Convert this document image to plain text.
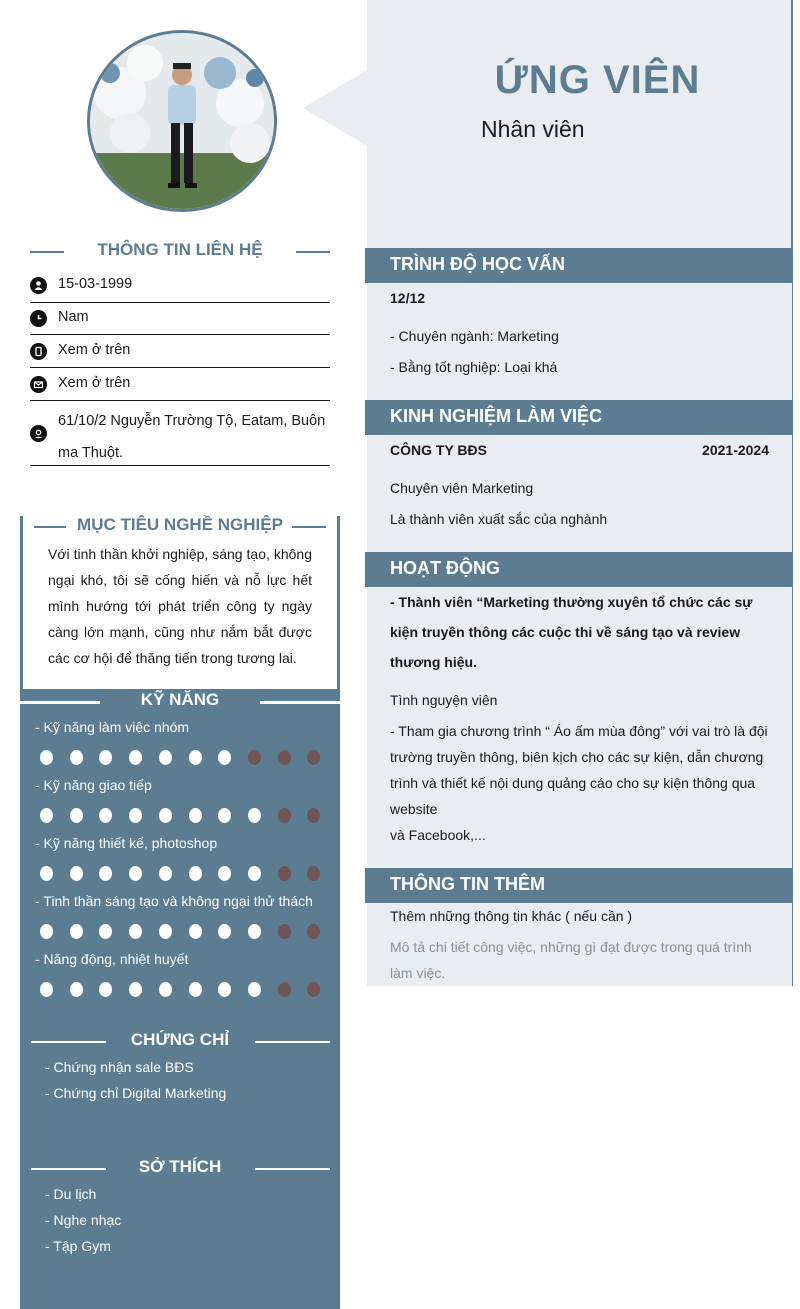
ỨNG VIÊN
Nhân viên
THÔNG TIN LIÊN HỆ
15-03-1999
Nam
Xem ở trên
Xem ở trên
61/10/2 Nguyễn Trường Tộ, Eatam, Buôn ma Thuột.
MỤC TIÊU NGHỀ NGHIỆP
Với tinh thần khởi nghiệp, sáng tạo, không ngại khó, tôi sẽ cống hiến và nỗ lực hết mình hướng tới phát triển công ty ngày càng lớn mạnh, cũng như nắm bắt được các cơ hội để thăng tiến trong tương lai.
KỸ NĂNG
- Kỹ năng làm việc nhóm
- Kỹ năng giao tiếp
- Kỹ năng thiết kế, photoshop
- Tinh thần sáng tạo và không ngại thử thách
- Năng động, nhiệt huyết
CHỨNG CHỈ
- Chứng nhận sale BĐS
- Chứng chỉ Digital Marketing
SỞ THÍCH
- Du lịch
- Nghe nhạc
- Tập Gym
TRÌNH ĐỘ HỌC VẤN
12/12
- Chuyên ngành: Marketing
- Bằng tốt nghiệp: Loại khá
KINH NGHIỆM LÀM VIỆC
CÔNG TY BĐS	2021-2024
Chuyên viên Marketing
Là thành viên xuất sắc của nghành
HOẠT ĐỘNG
- Thành viên “Marketing thường xuyên tổ chức các sự kiện truyền thông các cuộc thi về sáng tạo và review thương hiệu.
Tình nguyện viên
- Tham gia chương trình “ Áo ấm mùa đông” với vai trò là đội trường truyền thông, biên kịch cho các sự kiện, dẫn chương trình và thiết kế nội dung quảng cáo cho sự kiện thông qua website
và Facebook,...
THÔNG TIN THÊM
Thêm những thông tin khác ( nếu cần )
Mô tả chi tiết công việc, những gì đạt được trong quá trình làm việc.
